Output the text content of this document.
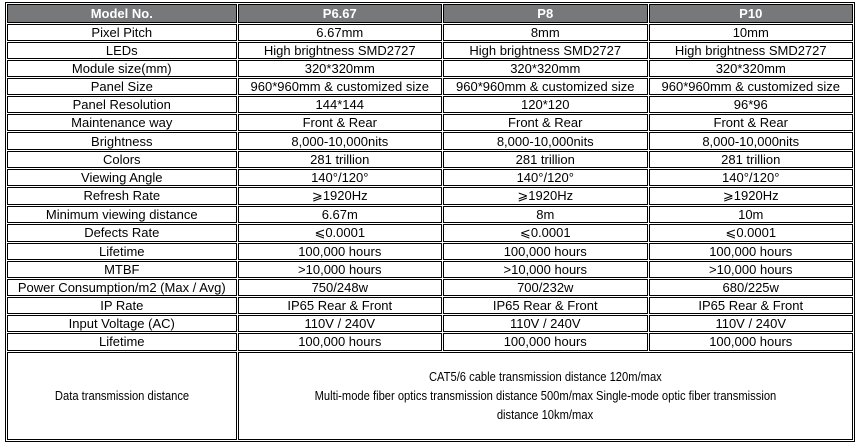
Model No.	P6.67	P8	P10
Pixel Pitch	6.67mm	8mm	10mm
LEDs	High brightness SMD2727	High brightness SMD2727	High brightness SMD2727
Module size(mm)	320*320mm	320*320mm	320*320mm
Panel Size	960*960mm & customized size	960*960mm & customized size	960*960mm & customized size
Panel Resolution	144*144	120*120	96*96
Maintenance way	Front & Rear	Front & Rear	Front & Rear
Brightness	8,000-10,000nits	8,000-10,000nits	8,000-10,000nits
Colors	281 trillion	281 trillion	281 trillion
Viewing Angle	140°/120°	140°/120°	140°/120°
Refresh Rate	⩾1920Hz	⩾1920Hz	⩾1920Hz
Minimum viewing distance	6.67m	8m	10m
Defects Rate	⩽0.0001	⩽0.0001	⩽0.0001
Lifetime	100,000 hours	100,000 hours	100,000 hours
MTBF	>10,000 hours	>10,000 hours	>10,000 hours
Power Consumption/m2 (Max / Avg)	750/248w	700/232w	680/225w
IP Rate	IP65 Rear & Front	IP65 Rear & Front	IP65 Rear & Front
Input Voltage (AC)	110V / 240V	110V / 240V	110V / 240V
Lifetime	100,000 hours	100,000 hours	100,000 hours
Data transmission distance	CAT5/6 cable transmission distance 120m/max
Multi-mode fiber optics transmission distance 500m/max Single-mode optic fiber transmission
distance 10km/max		
